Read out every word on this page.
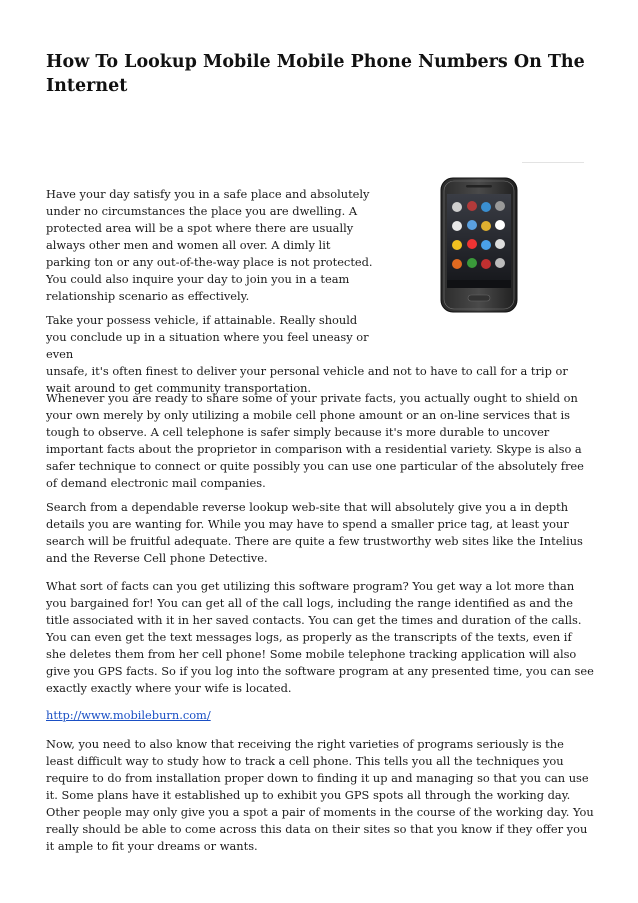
How To Lookup Mobile Mobile Phone Numbers On The Internet

Have your day satisfy you in a safe place and absolutely under no circumstances the place you are dwelling. A protected area will be a spot where there are usually always other men and women all over. A dimly lit parking ton or any out-of-the-way place is not protected. You could also inquire your day to join you in a team relationship scenario as effectively.

Take your possess vehicle, if attainable. Really should you conclude up in a situation where you feel uneasy or even
unsafe, it's often finest to deliver your personal vehicle and not to have to call for a trip or wait around to get community transportation.

Whenever you are ready to share some of your private facts, you actually ought to shield on your own merely by only utilizing a mobile cell phone amount or an on-line services that is tough to observe. A cell telephone is safer simply because it's more durable to uncover important facts about the proprietor in comparison with a residential variety. Skype is also a safer technique to connect or quite possibly you can use one particular of the absolutely free of demand electronic mail companies.

Search from a dependable reverse lookup web-site that will absolutely give you a in depth details you are wanting for. While you may have to spend a smaller price tag, at least your search will be fruitful adequate. There are quite a few trustworthy web sites like the Intelius and the Reverse Cell phone Detective.

What sort of facts can you get utilizing this software program? You get way a lot more than you bargained for! You can get all of the call logs, including the range identified as and the title associated with it in her saved contacts. You can get the times and duration of the calls. You can even get the text messages logs, as properly as the transcripts of the texts, even if she deletes them from her cell phone! Some mobile telephone tracking application will also give you GPS facts. So if you log into the software program at any presented time, you can see exactly exactly where your wife is located.

http://www.mobileburn.com/

Now, you need to also know that receiving the right varieties of programs seriously is the least difficult way to study how to track a cell phone. This tells you all the techniques you require to do from installation proper down to finding it up and managing so that you can use it. Some plans have it established up to exhibit you GPS spots all through the working day. Other people may only give you a spot a pair of moments in the course of the working day. You really should be able to come across this data on their sites so that you know if they offer you it ample to fit your dreams or wants.
